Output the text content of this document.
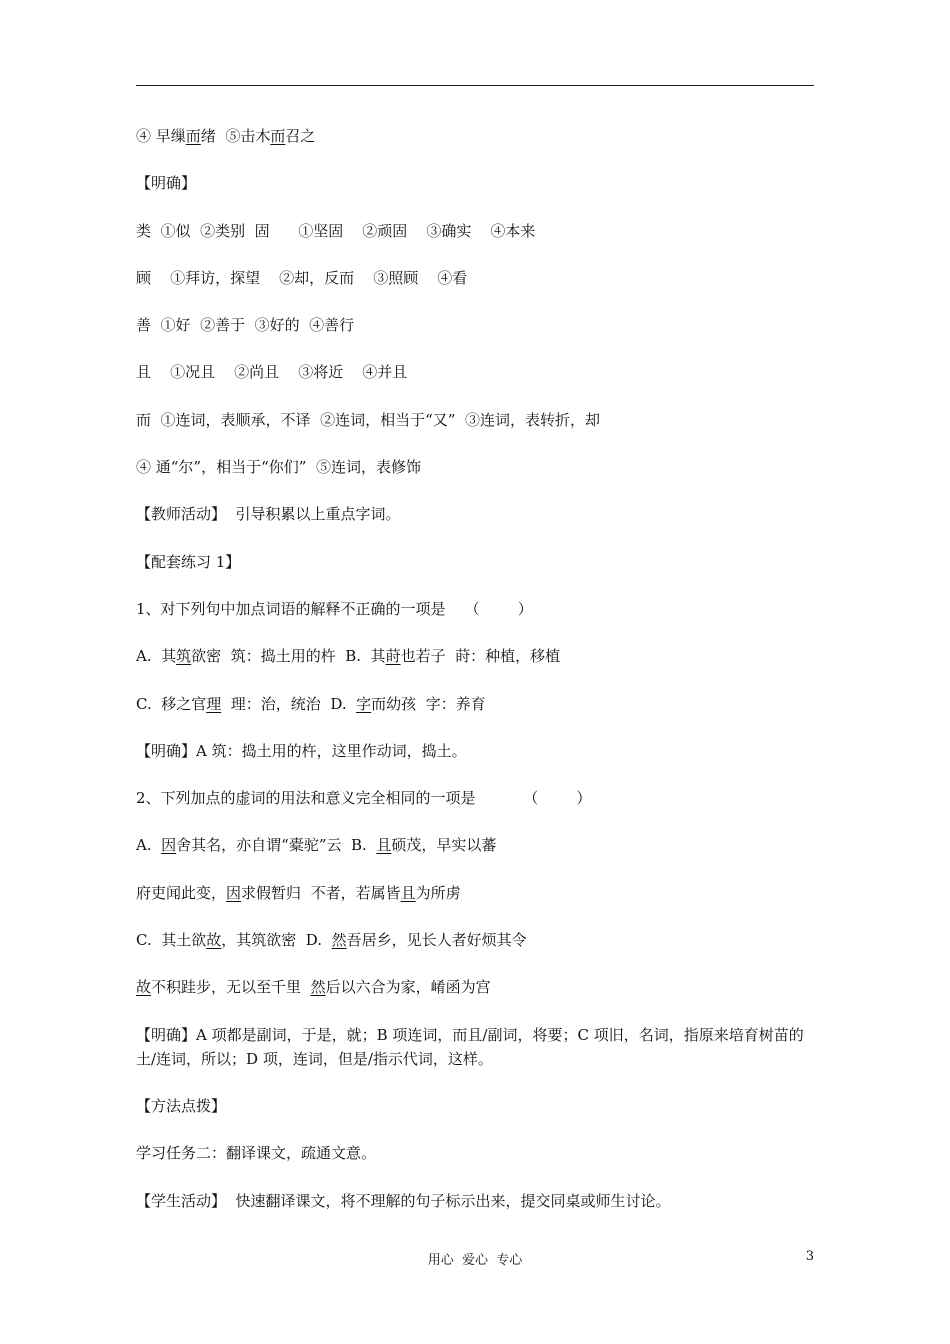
④ 早缫而绪  ⑤击木而召之
【明确】
类  ①似  ②类别  固      ①坚固    ②顽固    ③确实    ④本来
顾    ①拜访，探望    ②却，反而    ③照顾    ④看
善  ①好  ②善于  ③好的  ④善行
且    ①况且    ②尚且    ③将近    ④并且
而  ①连词，表顺承，不译  ②连词，相当于“又”  ③连词，表转折，却
④ 通“尔”，相当于“你们”  ⑤连词，表修饰
【教师活动】  引导积累以上重点字词。
【配套练习 1】
1、对下列句中加点词语的解释不正确的一项是    （        ）
A.  其筑欲密  筑：捣土用的杵  B.  其莳也若子  莳：种植，移植
C.  移之官理  理：治，统治  D.  字而幼孩  字：养育
【明确】A 筑：捣土用的杵，这里作动词，捣土。
2、下列加点的虚词的用法和意义完全相同的一项是          （        ）
A.  因舍其名，亦自谓“橐驼”云  B.  且硕茂，早实以蕃
府吏闻此变，因求假暂归  不者，若属皆且为所虏
C.  其土欲故，其筑欲密  D.  然吾居乡，见长人者好烦其令
故不积跬步，无以至千里  然后以六合为家，崤函为宫
【明确】A 项都是副词，于是，就；B 项连词，而且/副词，将要；C 项旧，名词，指原来培育树苗的土/连词，所以；D 项，连词，但是/指示代词，这样。
【方法点拨】
学习任务二：翻译课文，疏通文意。
【学生活动】  快速翻译课文，将不理解的句子标示出来，提交同桌或师生讨论。
用心  爱心  专心	3
